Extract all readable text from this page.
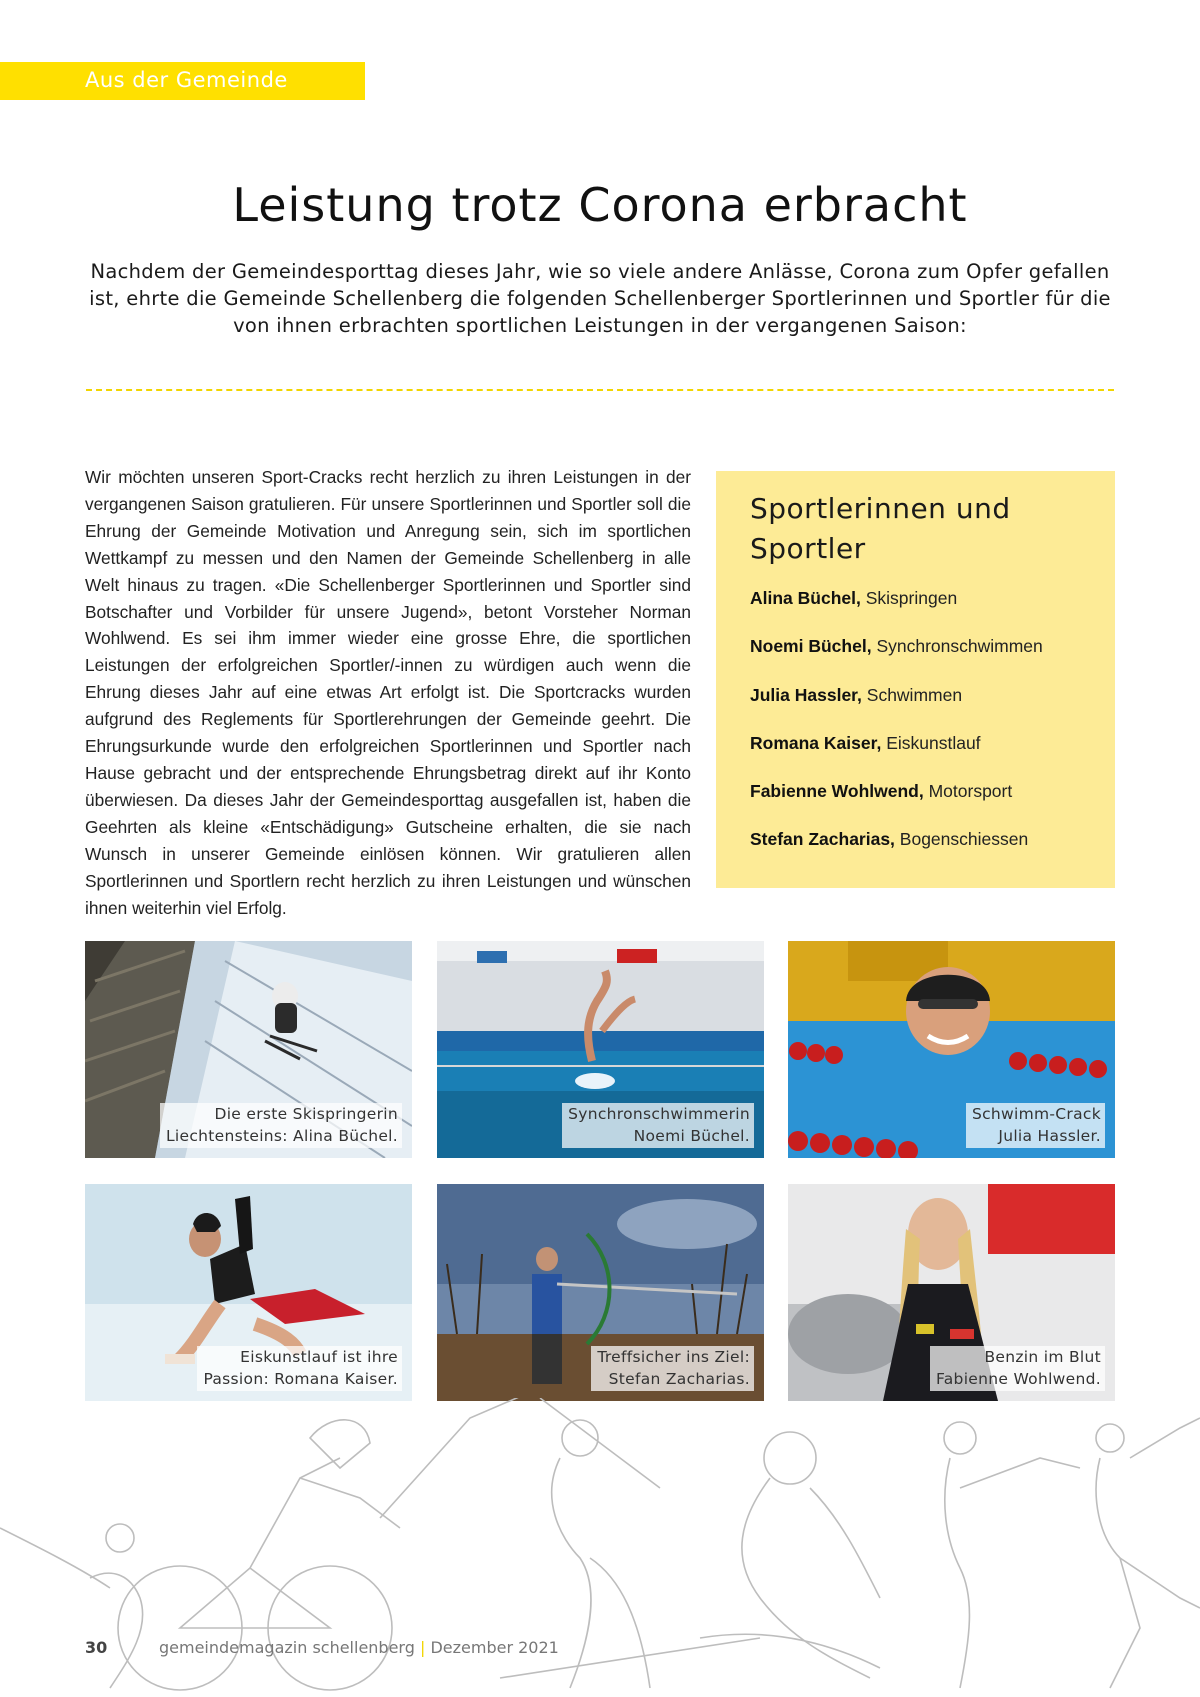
Aus der Gemeinde
Leistung trotz Corona erbracht
Nachdem der Gemeindesporttag dieses Jahr, wie so viele andere Anlässe, Corona zum Opfer gefallen ist, ehrte die Gemeinde Schellenberg die folgenden Schellenberger Sportlerinnen und Sportler für die von ihnen erbrachten sportlichen Leistungen in der vergangenen Saison:
Wir möchten unseren Sport-Cracks recht herzlich zu ihren Leistungen in der vergangenen Saison gratulieren. Für unsere Sportlerinnen und Sportler soll die Ehrung der Gemeinde Motivation und Anregung sein, sich im sportlichen Wettkampf zu messen und den Namen der Gemeinde Schellenberg in alle Welt hinaus zu tragen. «Die Schellenberger Sportlerinnen und Sportler sind Botschafter und Vorbilder für unsere Jugend», betont Vorsteher Norman Wohlwend. Es sei ihm immer wieder eine grosse Ehre, die sportlichen Leistungen der erfolgreichen Sportler/-innen zu würdigen auch wenn die Ehrung dieses Jahr auf eine etwas Art erfolgt ist. Die Sportcracks wurden aufgrund des Reglements für Sportlerehrungen der Gemeinde geehrt. Die Ehrungsurkunde wurde den erfolgreichen Sportlerinnen und Sportler nach Hause gebracht und der entsprechende Ehrungsbetrag direkt auf ihr Konto überwiesen. Da dieses Jahr der Gemeindesporttag ausgefallen ist, haben die Geehrten als kleine «Entschädigung» Gutscheine erhalten, die sie nach Wunsch in unserer Gemeinde einlösen können. Wir gratulieren allen Sportlerinnen und Sportlern recht herzlich zu ihren Leistungen und wünschen ihnen weiterhin viel Erfolg.
Sportlerinnen und Sportler
Alina Büchel, Skispringen
Noemi Büchel, Synchronschwimmen
Julia Hassler, Schwimmen
Romana Kaiser, Eiskunstlauf
Fabienne Wohlwend, Motorsport
Stefan Zacharias, Bogenschiessen
Die erste Skispringerin
Liechtensteins: Alina Büchel.
Synchronschwimmerin
Noemi Büchel.
Schwimm-Crack
Julia Hassler.
Eiskunstlauf ist ihre
Passion: Romana Kaiser.
Treffsicher ins Ziel:
Stefan Zacharias.
Benzin im Blut
Fabienne Wohlwend.
30	gemeindemagazin schellenberg | Dezember 2021
